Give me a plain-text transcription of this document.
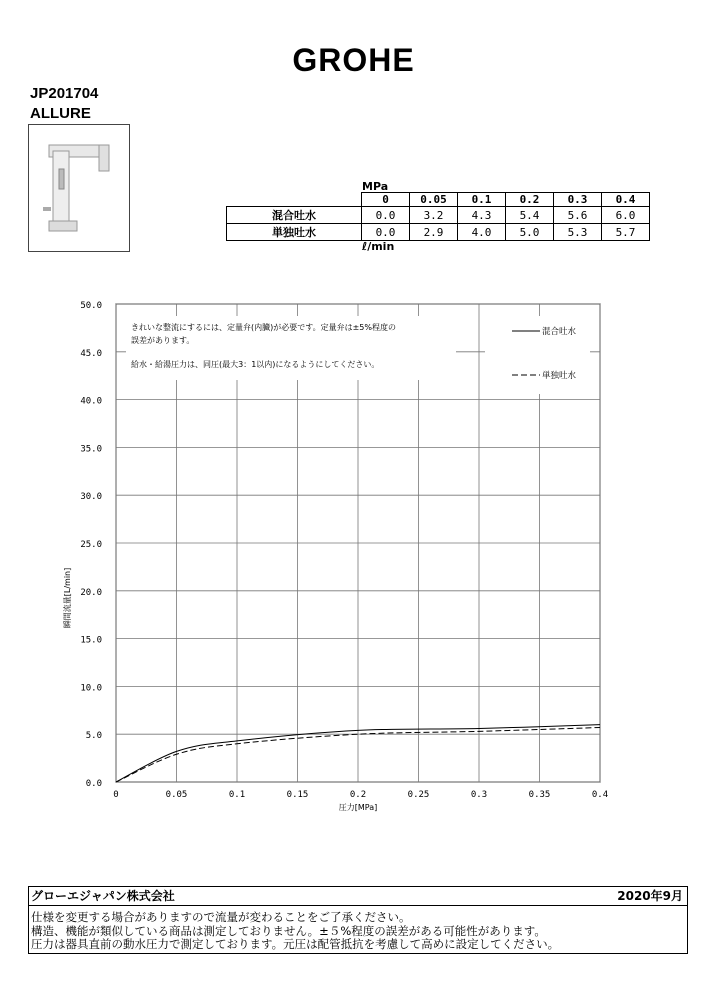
GROHE
JP201704
ALLURE
MPa
	0	0.05	0.1	0.2	0.3	0.4
混合吐水	0.0	3.2	4.3	5.4	5.6	6.0
単独吐水	0.0	2.9	4.0	5.0	5.3	5.7
ℓ/min
0.0
5.0
10.0
15.0
20.0
25.0
30.0
35.0
40.0
45.0
50.0
0	0.05	0.1	0.15	0.2	0.25	0.3	0.35	0.4
きれいな整流にするには、定量弁(内臓)が必要です。定量弁は±5%程度の
誤差があります。
給水・給湯圧力は、同圧(最大3：1以内)になるようにしてください。
混合吐水
単独吐水
圧力[MPa]
瞬間流量[L/min]
グローエジャパン株式会社	2020年9月
仕様を変更する場合がありますので流量が変わることをご了承ください。
構造、機能が類似している商品は測定しておりません。±５%程度の誤差がある可能性があります。
圧力は器具直前の動水圧力で測定しております。元圧は配管抵抗を考慮して高めに設定してください。
